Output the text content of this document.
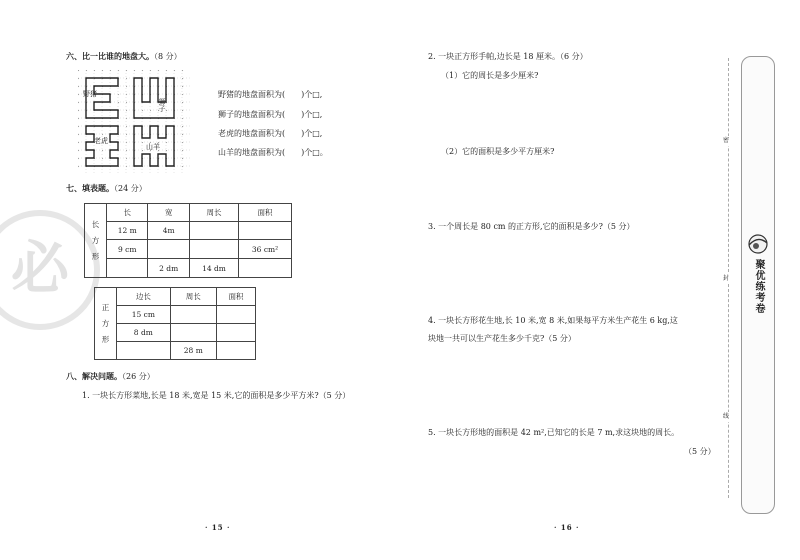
必
六、比一比谁的地盘大。（8 分）
野猪
狮子
老虎
山羊
野猪的地盘面积为(　　)个□,
狮子的地盘面积为(　　)个□,
老虎的地盘面积为(　　)个□,
山羊的地盘面积为(　　)个□。
七、填表题。（24 分）
长
方
形	长	宽	周长	面积
	12 m	4m		
	9 cm			36 cm²
		2 dm	14 dm	
正
方
形	边长	周长	面积
	15 cm		
	8 dm		
		28 m	
八、解决问题。（26 分）
1. 一块长方形菜地,长是 18 米,宽是 15 米,它的面积是多少平方米?（5 分）
· 15 ·
2. 一块正方形手帕,边长是 18 厘米。（6 分）
（1）它的周长是多少厘米?
（2）它的面积是多少平方厘米?
3. 一个周长是 80 cm 的正方形,它的面积是多少?（5 分）
4. 一块长方形花生地,长 10 米,宽 8 米,如果每平方米生产花生 6 kg,这
块地一共可以生产花生多少千克?（5 分）
5. 一块长方形地的面积是 42 m²,已知它的长是 7 m,求这块地的周长。
（5 分）
· 16 ·
密
封
线
聚优练考卷
